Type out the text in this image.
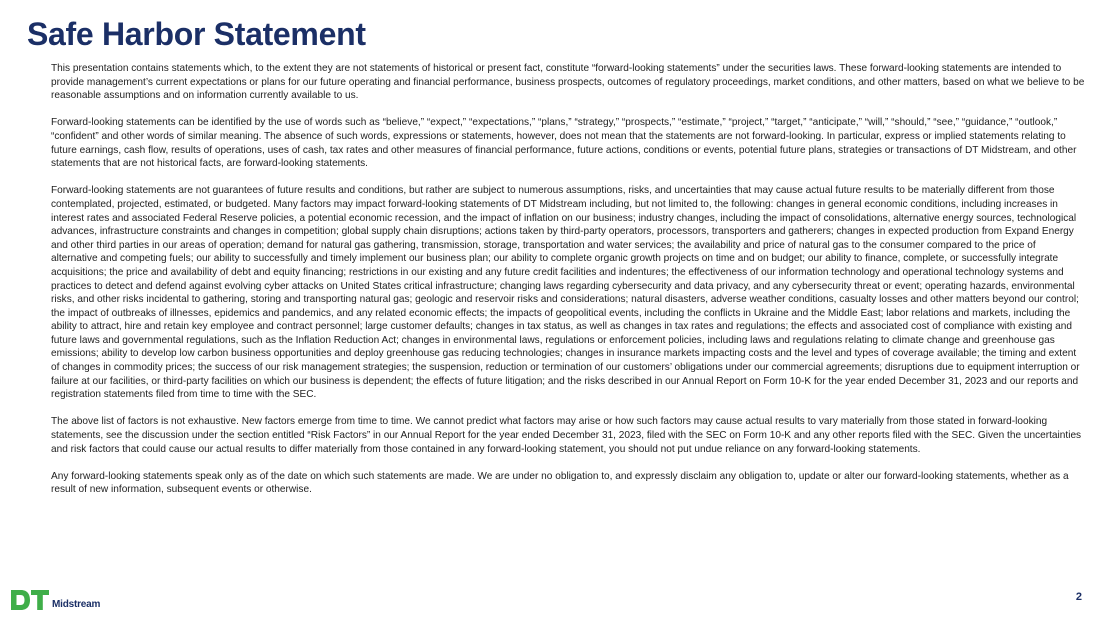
Safe Harbor Statement

This presentation contains statements which, to the extent they are not statements of historical or present fact, constitute “forward-looking statements” under the securities laws. These forward-looking statements are intended to provide management’s current expectations or plans for our future operating and financial performance, business prospects, outcomes of regulatory proceedings, market conditions, and other matters, based on what we believe to be reasonable assumptions and on information currently available to us.

Forward-looking statements can be identified by the use of words such as “believe,” “expect,” “expectations,” “plans,” “strategy,” “prospects,” “estimate,” “project,” “target,” “anticipate,” “will,” “should,” “see,” “guidance,” “outlook,” “confident” and other words of similar meaning. The absence of such words, expressions or statements, however, does not mean that the statements are not forward-looking. In particular, express or implied statements relating to future earnings, cash flow, results of operations, uses of cash, tax rates and other measures of financial performance, future actions, conditions or events, potential future plans, strategies or transactions of DT Midstream, and other statements that are not historical facts, are forward-looking statements.

Forward-looking statements are not guarantees of future results and conditions, but rather are subject to numerous assumptions, risks, and uncertainties that may cause actual future results to be materially different from those contemplated, projected, estimated, or budgeted. Many factors may impact forward-looking statements of DT Midstream including, but not limited to, the following: changes in general economic conditions, including increases in interest rates and associated Federal Reserve policies, a potential economic recession, and the impact of inflation on our business; industry changes, including the impact of consolidations, alternative energy sources, technological advances, infrastructure constraints and changes in competition; global supply chain disruptions; actions taken by third-party operators, processors, transporters and gatherers; changes in expected production from Expand Energy and other third parties in our areas of operation; demand for natural gas gathering, transmission, storage, transportation and water services; the availability and price of natural gas to the consumer compared to the price of alternative and competing fuels; our ability to successfully and timely implement our business plan; our ability to complete organic growth projects on time and on budget; our ability to finance, complete, or successfully integrate acquisitions; the price and availability of debt and equity financing; restrictions in our existing and any future credit facilities and indentures; the effectiveness of our information technology and operational technology systems and practices to detect and defend against evolving cyber attacks on United States critical infrastructure; changing laws regarding cybersecurity and data privacy, and any cybersecurity threat or event; operating hazards, environmental risks, and other risks incidental to gathering, storing and transporting natural gas; geologic and reservoir risks and considerations; natural disasters, adverse weather conditions, casualty losses and other matters beyond our control; the impact of outbreaks of illnesses, epidemics and pandemics, and any related economic effects; the impacts of geopolitical events, including the conflicts in Ukraine and the Middle East; labor relations and markets, including the ability to attract, hire and retain key employee and contract personnel; large customer defaults; changes in tax status, as well as changes in tax rates and regulations; the effects and associated cost of compliance with existing and future laws and governmental regulations, such as the Inflation Reduction Act; changes in environmental laws, regulations or enforcement policies, including laws and regulations relating to climate change and greenhouse gas emissions; ability to develop low carbon business opportunities and deploy greenhouse gas reducing technologies; changes in insurance markets impacting costs and the level and types of coverage available; the timing and extent of changes in commodity prices; the success of our risk management strategies; the suspension, reduction or termination of our customers’ obligations under our commercial agreements; disruptions due to equipment interruption or failure at our facilities, or third-party facilities on which our business is dependent; the effects of future litigation; and the risks described in our Annual Report on Form 10-K for the year ended December 31, 2023 and our reports and registration statements filed from time to time with the SEC.

The above list of factors is not exhaustive. New factors emerge from time to time. We cannot predict what factors may arise or how such factors may cause actual results to vary materially from those stated in forward-looking statements, see the discussion under the section entitled “Risk Factors” in our Annual Report for the year ended December 31, 2023, filed with the SEC on Form 10-K and any other reports filed with the SEC. Given the uncertainties and risk factors that could cause our actual results to differ materially from those contained in any forward-looking statement, you should not put undue reliance on any forward-looking statements.

Any forward-looking statements speak only as of the date on which such statements are made. We are under no obligation to, and expressly disclaim any obligation to, update or alter our forward-looking statements, whether as a result of new information, subsequent events or otherwise.

DT
Midstream
2
